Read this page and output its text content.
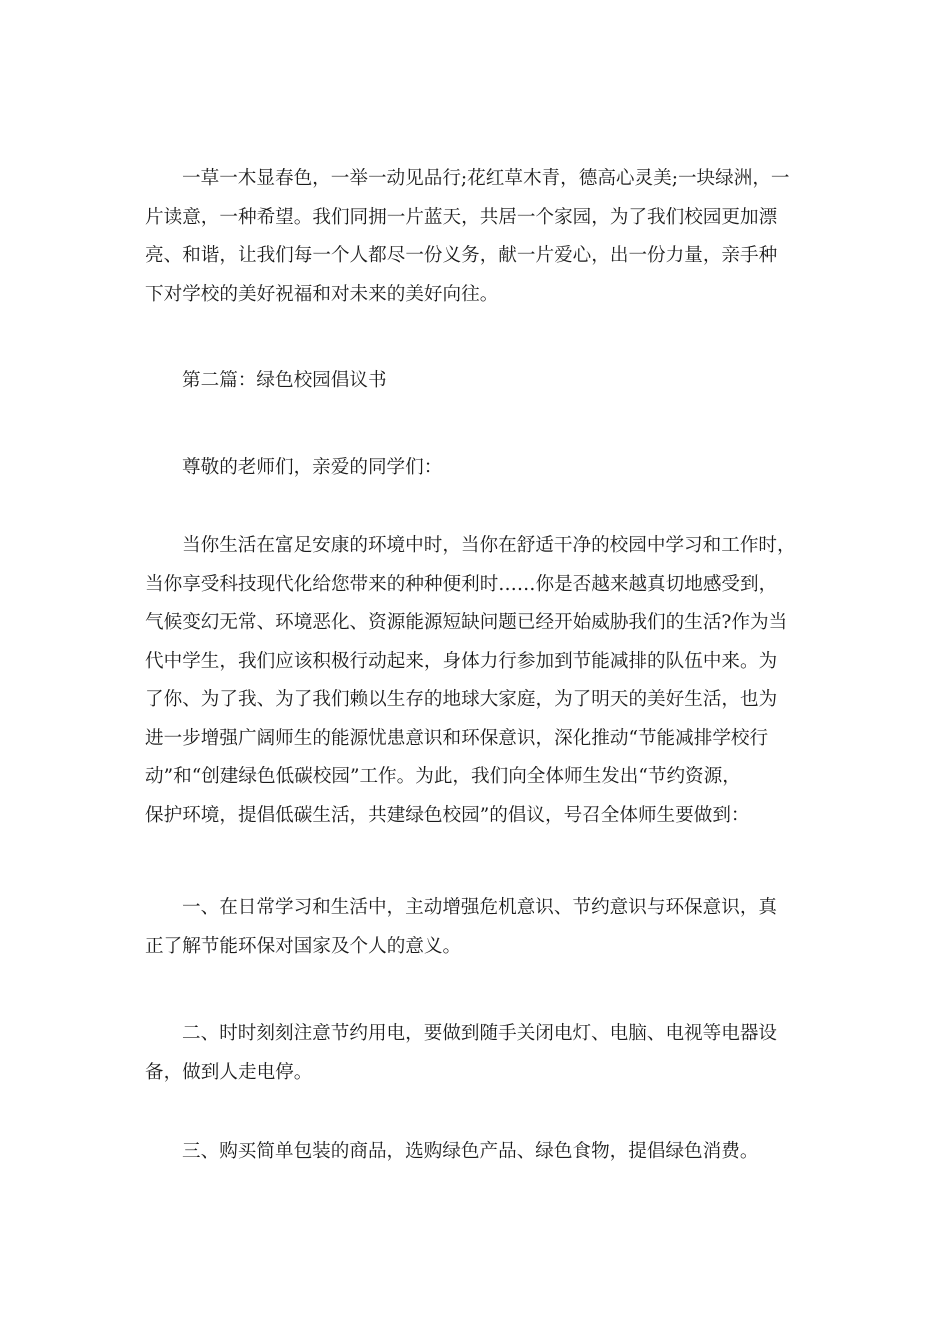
一草一木显春色，一举一动见品行;花红草木青，德高心灵美;一块绿洲，一
片读意，一种希望。我们同拥一片蓝天，共居一个家园，为了我们校园更加漂
亮、和谐，让我们每一个人都尽一份义务，献一片爱心，出一份力量，亲手种
下对学校的美好祝福和对未来的美好向往。

第二篇：绿色校园倡议书

尊敬的老师们，亲爱的同学们：

当你生活在富足安康的环境中时，当你在舒适干净的校园中学习和工作时，
当你享受科技现代化给您带来的种种便利时……你是否越来越真切地感受到，
气候变幻无常、环境恶化、资源能源短缺问题已经开始威胁我们的生活?作为当
代中学生，我们应该积极行动起来，身体力行参加到节能减排的队伍中来。为
了你、为了我、为了我们赖以生存的地球大家庭，为了明天的美好生活，也为
进一步增强广阔师生的能源忧患意识和环保意识，深化推动“节能减排学校行
动”和“创建绿色低碳校园”工作。为此，我们向全体师生发出“节约资源，
保护环境，提倡低碳生活，共建绿色校园”的倡议，号召全体师生要做到：

一、在日常学习和生活中，主动增强危机意识、节约意识与环保意识，真
正了解节能环保对国家及个人的意义。

二、时时刻刻注意节约用电，要做到随手关闭电灯、电脑、电视等电器设
备，做到人走电停。

三、购买简单包装的商品，选购绿色产品、绿色食物，提倡绿色消费。
